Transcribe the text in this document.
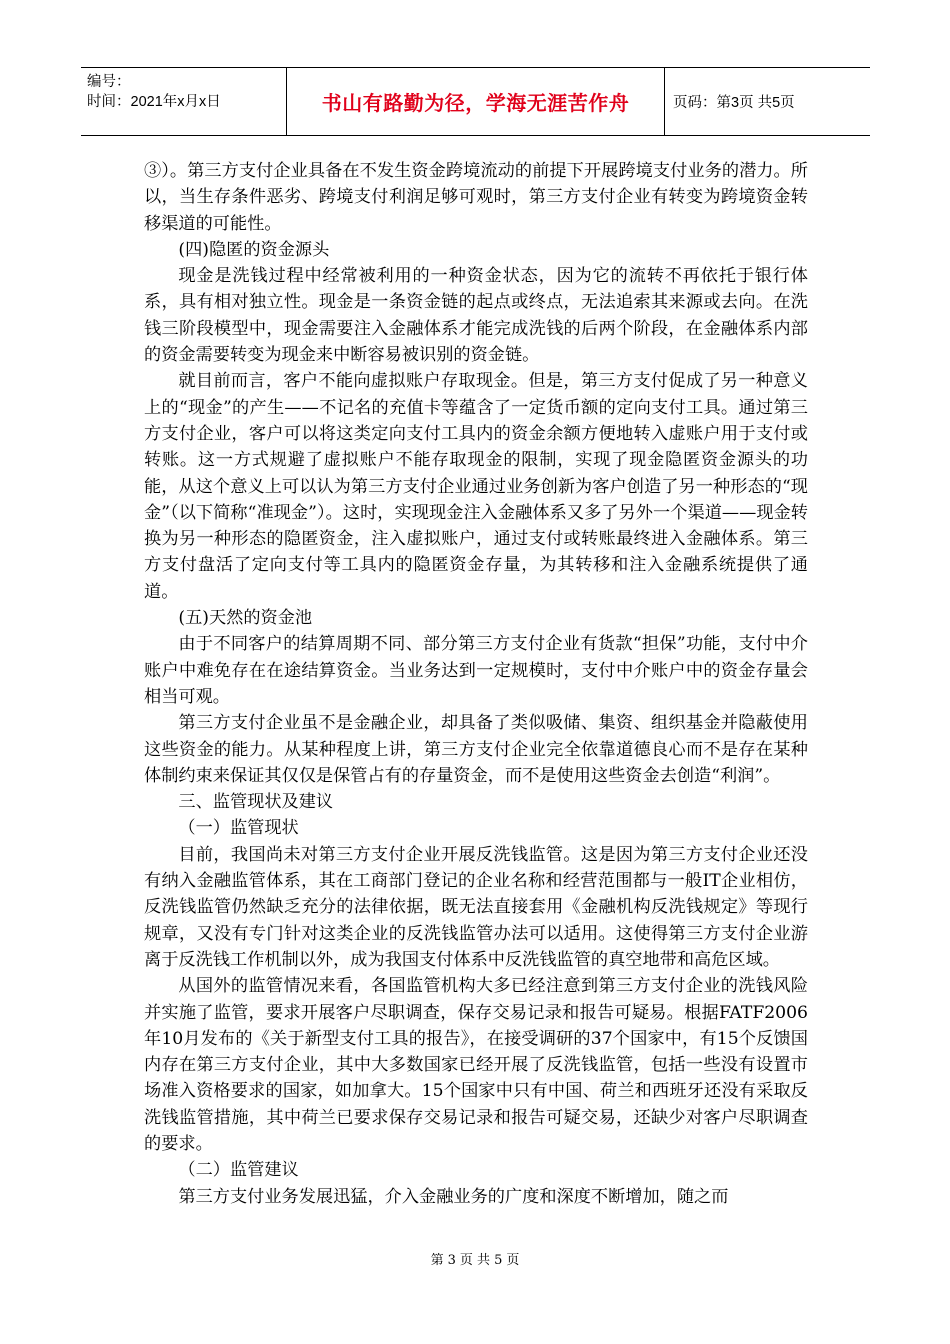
编号：
时间：2021年x月x日	书山有路勤为径，学海无涯苦作舟	页码：第3页 共5页

③）。第三方支付企业具备在不发生资金跨境流动的前提下开展跨境支付业务的潜力。所以，当生存条件恶劣、跨境支付利润足够可观时，第三方支付企业有转变为跨境资金转移渠道的可能性。

(四)隐匿的资金源头

现金是洗钱过程中经常被利用的一种资金状态，因为它的流转不再依托于银行体系，具有相对独立性。现金是一条资金链的起点或终点，无法追索其来源或去向。在洗钱三阶段模型中，现金需要注入金融体系才能完成洗钱的后两个阶段，在金融体系内部的资金需要转变为现金来中断容易被识别的资金链。

就目前而言，客户不能向虚拟账户存取现金。但是，第三方支付促成了另一种意义上的“现金”的产生——不记名的充值卡等蕴含了一定货币额的定向支付工具。通过第三方支付企业，客户可以将这类定向支付工具内的资金余额方便地转入虚账户用于支付或转账。这一方式规避了虚拟账户不能存取现金的限制，实现了现金隐匿资金源头的功能，从这个意义上可以认为第三方支付企业通过业务创新为客户创造了另一种形态的“现金”（以下简称“准现金”）。这时，实现现金注入金融体系又多了另外一个渠道——现金转换为另一种形态的隐匿资金，注入虚拟账户，通过支付或转账最终进入金融体系。第三方支付盘活了定向支付等工具内的隐匿资金存量，为其转移和注入金融系统提供了通道。

(五)天然的资金池

由于不同客户的结算周期不同、部分第三方支付企业有货款“担保”功能，支付中介账户中难免存在在途结算资金。当业务达到一定规模时，支付中介账户中的资金存量会相当可观。

第三方支付企业虽不是金融企业，却具备了类似吸储、集资、组织基金并隐蔽使用这些资金的能力。从某种程度上讲，第三方支付企业完全依靠道德良心而不是存在某种体制约束来保证其仅仅是保管占有的存量资金，而不是使用这些资金去创造“利润”。

三、监管现状及建议

（一）监管现状

目前，我国尚未对第三方支付企业开展反洗钱监管。这是因为第三方支付企业还没有纳入金融监管体系，其在工商部门登记的企业名称和经营范围都与一般IT企业相仿，反洗钱监管仍然缺乏充分的法律依据，既无法直接套用《金融机构反洗钱规定》等现行规章，又没有专门针对这类企业的反洗钱监管办法可以适用。这使得第三方支付企业游离于反洗钱工作机制以外，成为我国支付体系中反洗钱监管的真空地带和高危区域。

从国外的监管情况来看，各国监管机构大多已经注意到第三方支付企业的洗钱风险并实施了监管，要求开展客户尽职调查，保存交易记录和报告可疑易。根据FATF2006年10月发布的《关于新型支付工具的报告》，在接受调研的37个国家中，有15个反馈国内存在第三方支付企业，其中大多数国家已经开展了反洗钱监管，包括一些没有设置市场准入资格要求的国家，如加拿大。15个国家中只有中国、荷兰和西班牙还没有采取反洗钱监管措施，其中荷兰已要求保存交易记录和报告可疑交易，还缺少对客户尽职调查的要求。

（二）监管建议

第三方支付业务发展迅猛，介入金融业务的广度和深度不断增加，随之而

第 3 页 共 5 页
